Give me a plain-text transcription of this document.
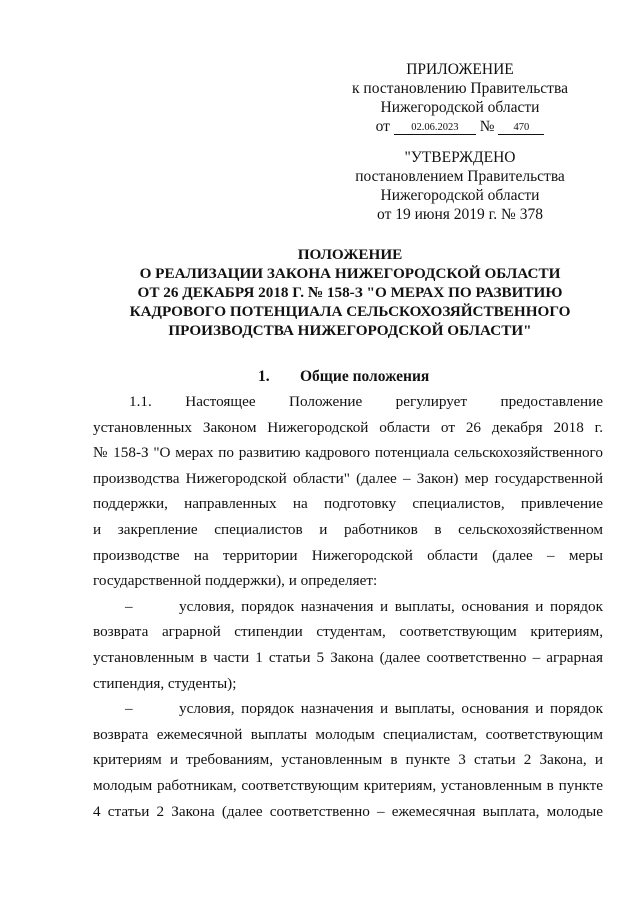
ПРИЛОЖЕНИЕ
к постановлению Правительства
Нижегородской области
от 02.06.2023 № 470
"УТВЕРЖДЕНО
постановлением Правительства
Нижегородской области
от 19 июня 2019 г. № 378
ПОЛОЖЕНИЕ
О РЕАЛИЗАЦИИ ЗАКОНА НИЖЕГОРОДСКОЙ ОБЛАСТИ
ОТ 26 ДЕКАБРЯ 2018 Г. № 158-З "О МЕРАХ ПО РАЗВИТИЮ
КАДРОВОГО ПОТЕНЦИАЛА СЕЛЬСКОХОЗЯЙСТВЕННОГО
ПРОИЗВОДСТВА НИЖЕГОРОДСКОЙ ОБЛАСТИ"
1. Общие положения
1.1. Настоящее Положение регулирует предоставление
установленных Законом Нижегородской области от 26 декабря 2018 г.
№ 158-З "О мерах по развитию кадрового потенциала сельскохозяйственного
производства Нижегородской области" (далее – Закон) мер государственной
поддержки, направленных на подготовку специалистов, привлечение
и закрепление специалистов и работников в сельскохозяйственном
производстве на территории Нижегородской области (далее – меры
государственной поддержки), и определяет:
–	условия, порядок назначения и выплаты, основания и порядок
возврата аграрной стипендии студентам, соответствующим критериям,
установленным в части 1 статьи 5 Закона (далее соответственно – аграрная
стипендия, студенты);
–	условия, порядок назначения и выплаты, основания и порядок
возврата ежемесячной выплаты молодым специалистам, соответствующим
критериям и требованиям, установленным в пункте 3 статьи 2 Закона, и
молодым работникам, соответствующим критериям, установленным в пункте
4 статьи 2 Закона (далее соответственно – ежемесячная выплата, молодые
